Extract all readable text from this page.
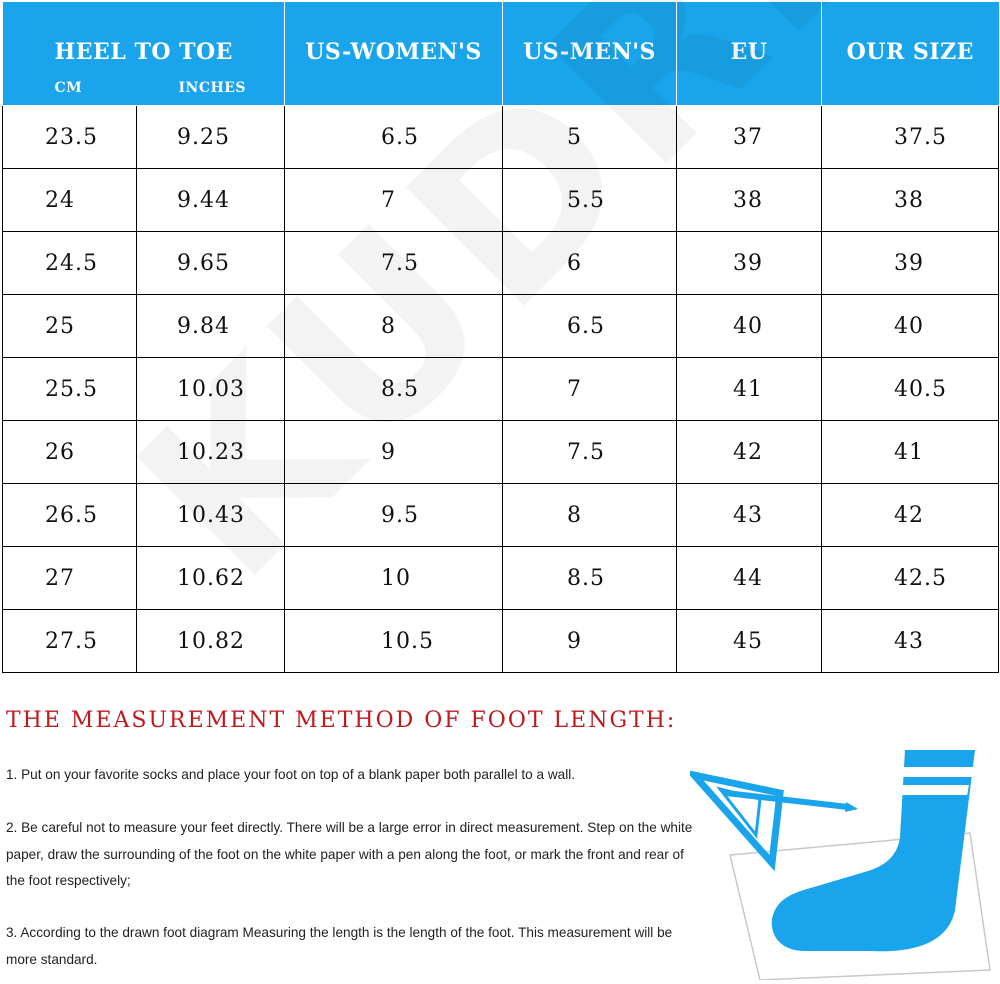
HEEL TO TOE
CM INCHES		US-WOMEN'S	US-MEN'S	EU	OUR SIZE

23.5	9.25	6.5	5	37	37.5
24	9.44	7	5.5	38	38
24.5	9.65	7.5	6	39	39
25	9.84	8	6.5	40	40
25.5	10.03	8.5	7	41	40.5
26	10.23	9	7.5	42	41
26.5	10.43	9.5	8	43	42
27	10.62	10	8.5	44	42.5
27.5	10.82	10.5	9	45	43
THE MEASUREMENT METHOD OF FOOT LENGTH:

1. Put on your favorite socks and place your foot on top of a blank paper both parallel to a wall.

2. Be careful not to measure your feet directly. There will be a large error in direct measurement. Step on the white paper, draw the surrounding of the foot on the white paper with a pen along the foot, or mark the front and rear of the foot respectively;

3. According to the drawn foot diagram Measuring the length is the length of the foot. This measurement will be more standard.
